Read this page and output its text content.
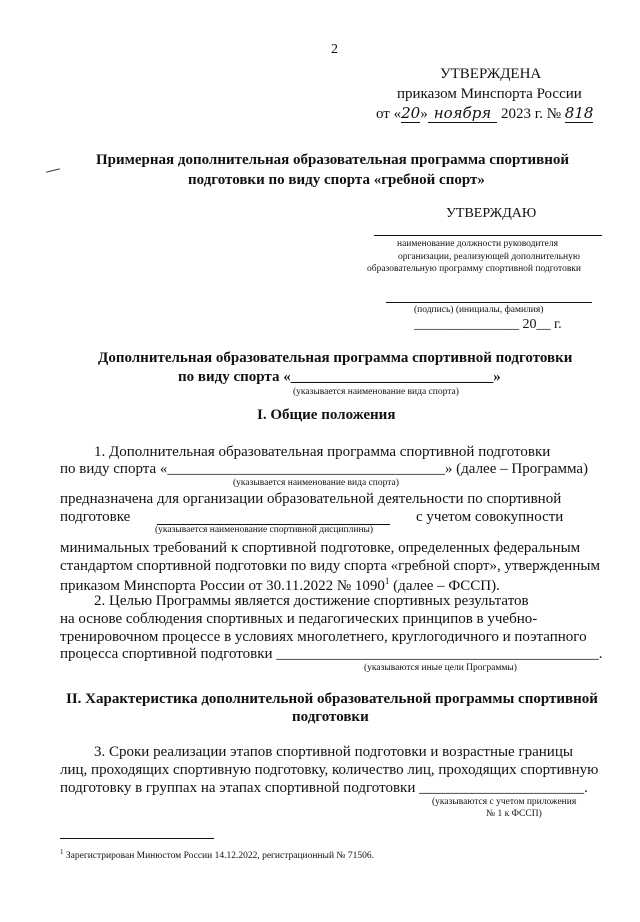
2
УТВЕРЖДЕНА
приказом Минспорта России
от «20» ноября 2023 г. № 818
Примерная дополнительная образовательная программа спортивной
подготовки по виду спорта «гребной спорт»
УТВЕРЖДАЮ
наименование должности руководителя
организации, реализующей дополнительную
образовательную программу спортивной подготовки
(подпись) (инициалы, фамилия)
_______________ 20__ г.
Дополнительная образовательная программа спортивной подготовки
по виду спорта «___________________________»
(указывается наименование вида спорта)
I. Общие положения
1. Дополнительная образовательная программа спортивной подготовки
по виду спорта «_____________________________________» (далее – Программа)
(указывается наименование вида спорта)
предназначена для организации образовательной деятельности по спортивной
подготовке	с учетом совокупности
(указывается наименование спортивной дисциплины)
минимальных требований к спортивной подготовке, определенных федеральным
стандартом спортивной подготовки по виду спорта «гребной спорт», утвержденным
приказом Минспорта России от 30.11.2022 № 1090$^1$ (далее – ФССП).
2. Целью Программы является достижение спортивных результатов
на основе соблюдения спортивных и педагогических принципов в учебно-
тренировочном процессе в условиях многолетнего, круглогодичного и поэтапного
процесса спортивной подготовки ___________________________________________.
(указываются иные цели Программы)
II. Характеристика дополнительной образовательной программы спортивной
подготовки
3. Сроки реализации этапов спортивной подготовки и возрастные границы
лиц, проходящих спортивную подготовку, количество лиц, проходящих спортивную
подготовку в группах на этапах спортивной подготовки ______________________.
(указываются с учетом приложения
№ 1 к ФССП)
$^1$ Зарегистрирован Минюстом России 14.12.2022, регистрационный № 71506.
